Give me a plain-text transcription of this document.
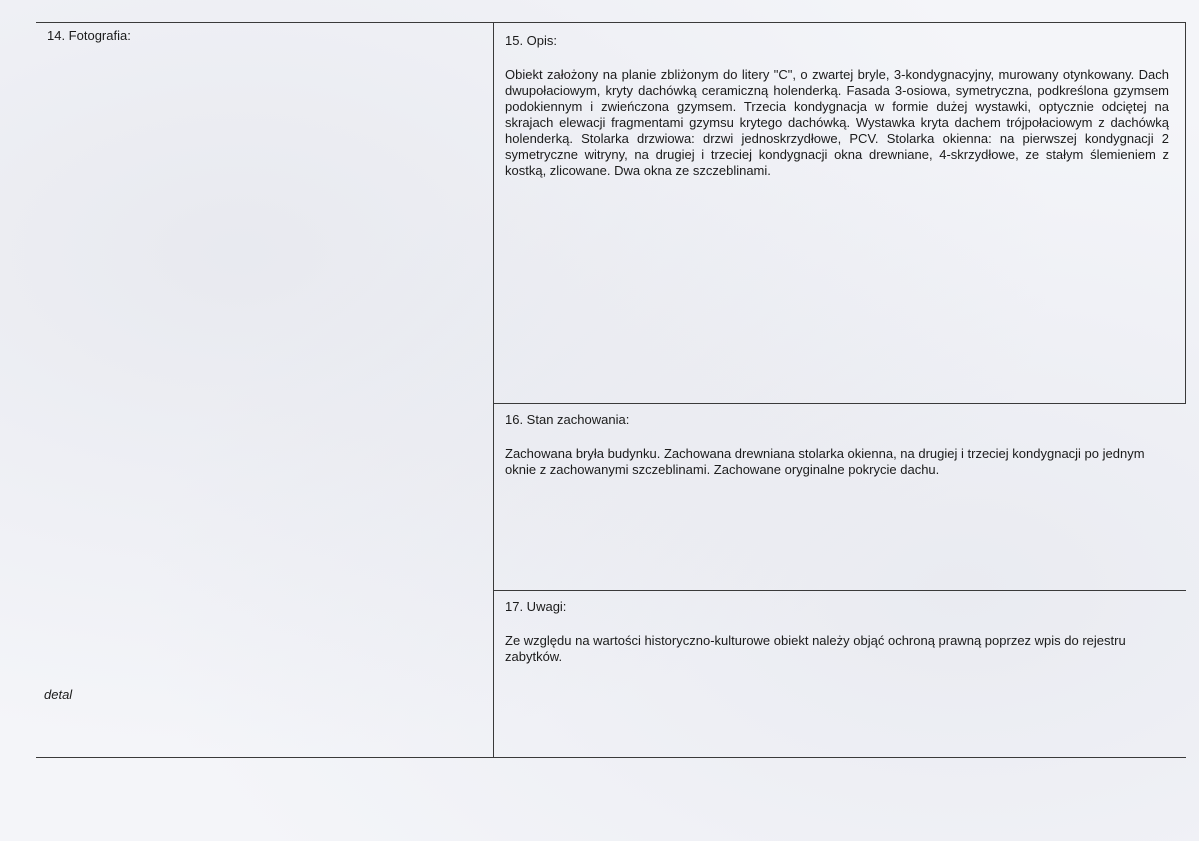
14. Fotografia:
detal
15. Opis:
Obiekt założony na planie zbliżonym do litery "C", o zwartej bryle, 3-kondygnacyjny, murowany otynkowany. Dach dwupołaciowym, kryty dachówką ceramiczną holenderką. Fasada 3-osiowa, symetryczna, podkreślona gzymsem podokiennym i zwieńczona gzymsem. Trzecia kondygnacja w formie dużej wystawki, optycznie odciętej na skrajach elewacji fragmentami gzymsu krytego dachówką. Wystawka kryta dachem trójpołaciowym z dachówką holenderką. Stolarka drzwiowa: drzwi jednoskrzydłowe, PCV. Stolarka okienna: na pierwszej kondygnacji 2 symetryczne witryny, na drugiej i trzeciej kondygnacji okna drewniane, 4-skrzydłowe, ze stałym ślemieniem z kostką, zlicowane. Dwa okna ze szczeblinami.
16. Stan zachowania:
Zachowana bryła budynku. Zachowana drewniana stolarka okienna, na drugiej i trzeciej kondygnacji po jednym oknie z zachowanymi szczeblinami. Zachowane oryginalne pokrycie dachu.
17. Uwagi:
Ze względu na wartości historyczno-kulturowe obiekt należy objąć ochroną prawną poprzez wpis do rejestru
zabytków.
